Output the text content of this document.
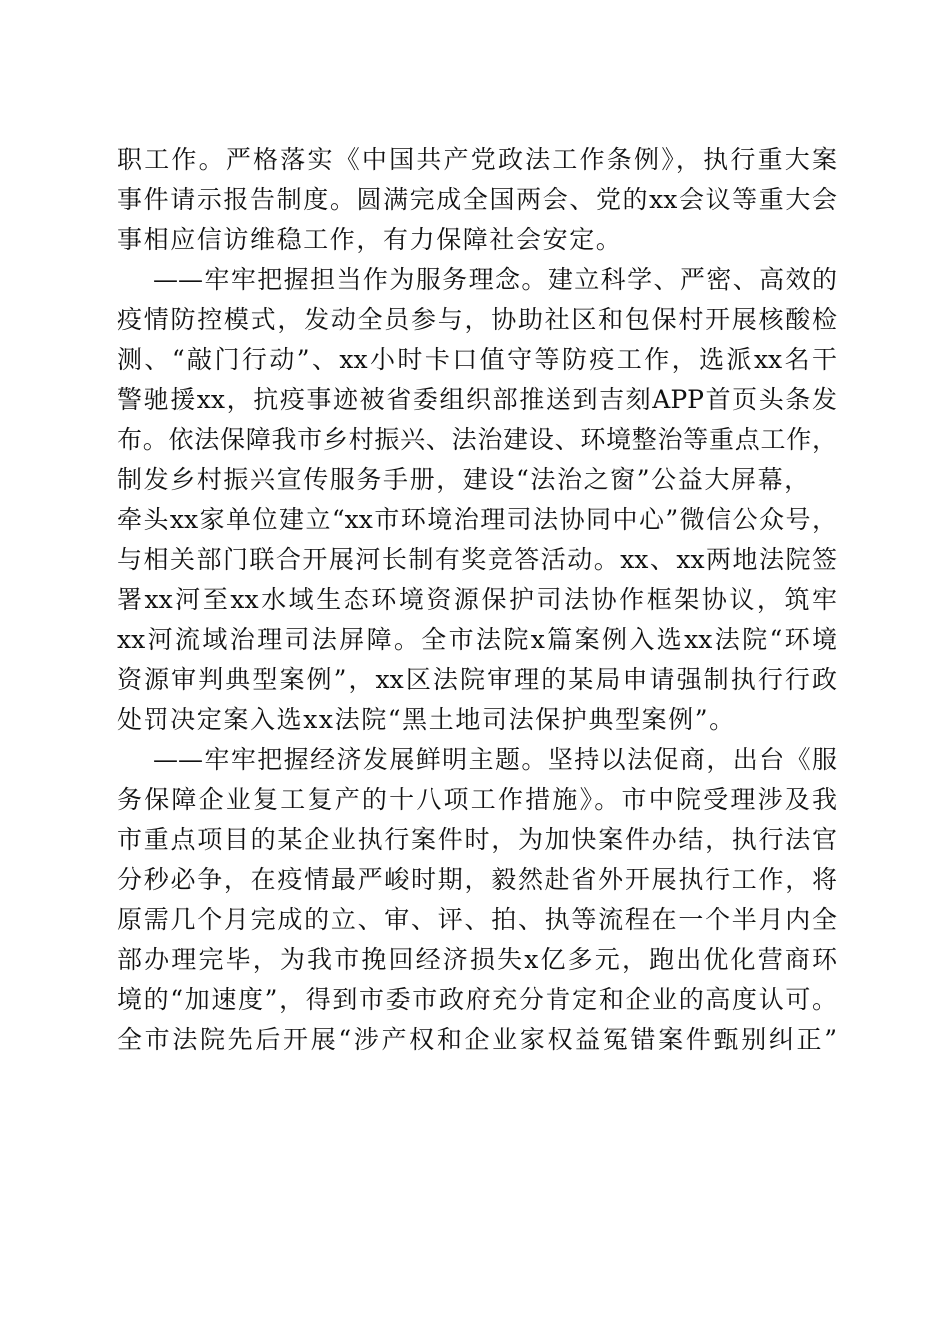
职工作。严格落实《中国共产党政法工作条例》，执行重大案
事件请示报告制度。圆满完成全国两会、党的xx会议等重大会
事相应信访维稳工作，有力保障社会安定。
——牢牢把握担当作为服务理念。建立科学、严密、高效的
疫情防控模式，发动全员参与，协助社区和包保村开展核酸检
测、“敲门行动”、xx小时卡口值守等防疫工作，选派xx名干
警驰援xx，抗疫事迹被省委组织部推送到吉刻APP首页头条发
布。依法保障我市乡村振兴、法治建设、环境整治等重点工作，
制发乡村振兴宣传服务手册，建设“法治之窗”公益大屏幕，
牵头xx家单位建立“xx市环境治理司法协同中心”微信公众号，
与相关部门联合开展河长制有奖竞答活动。xx、xx两地法院签
署xx河至xx水域生态环境资源保护司法协作框架协议，筑牢
xx河流域治理司法屏障。全市法院x篇案例入选xx法院“环境
资源审判典型案例”，xx区法院审理的某局申请强制执行行政
处罚决定案入选xx法院“黑土地司法保护典型案例”。
——牢牢把握经济发展鲜明主题。坚持以法促商，出台《服
务保障企业复工复产的十八项工作措施》。市中院受理涉及我
市重点项目的某企业执行案件时，为加快案件办结，执行法官
分秒必争，在疫情最严峻时期，毅然赴省外开展执行工作，将
原需几个月完成的立、审、评、拍、执等流程在一个半月内全
部办理完毕，为我市挽回经济损失x亿多元，跑出优化营商环
境的“加速度”，得到市委市政府充分肯定和企业的高度认可。
全市法院先后开展“涉产权和企业家权益冤错案件甄别纠正”
